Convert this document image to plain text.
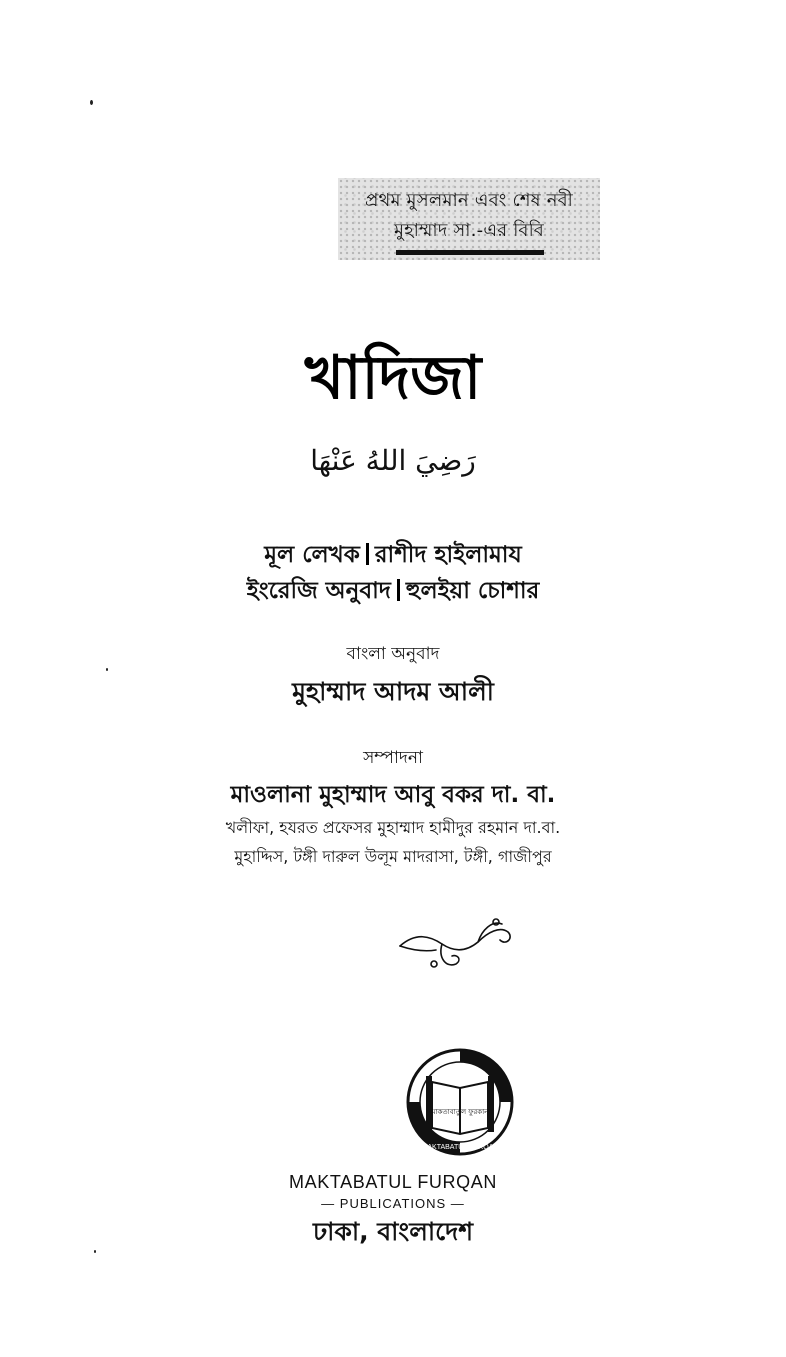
প্রথম মুসলমান এবং শেষ নবী
মুহাম্মাদ সা.-এর বিবি
খাদিজা
رَضِيَ اللهُ عَنْهَا
মূল লেখক রাশীদ হাইলামায
ইংরেজি অনুবাদ হুলইয়া চোশার
বাংলা অনুবাদ
মুহাম্মাদ আদম আলী
সম্পাদনা
মাওলানা মুহাম্মাদ আবু বকর দা. বা.
খলীফা, হযরত প্রফেসর মুহাম্মাদ হামীদুর রহমান দা.বা.
মুহাদ্দিস, টঙ্গী দারুল উলূম মাদরাসা, টঙ্গী, গাজীপুর
মাকতাবাতুল ফুরকান
MAKTABATUL FURQAN
MAKTABATUL FURQAN
— PUBLICATIONS —
ঢাকা, বাংলাদেশ
